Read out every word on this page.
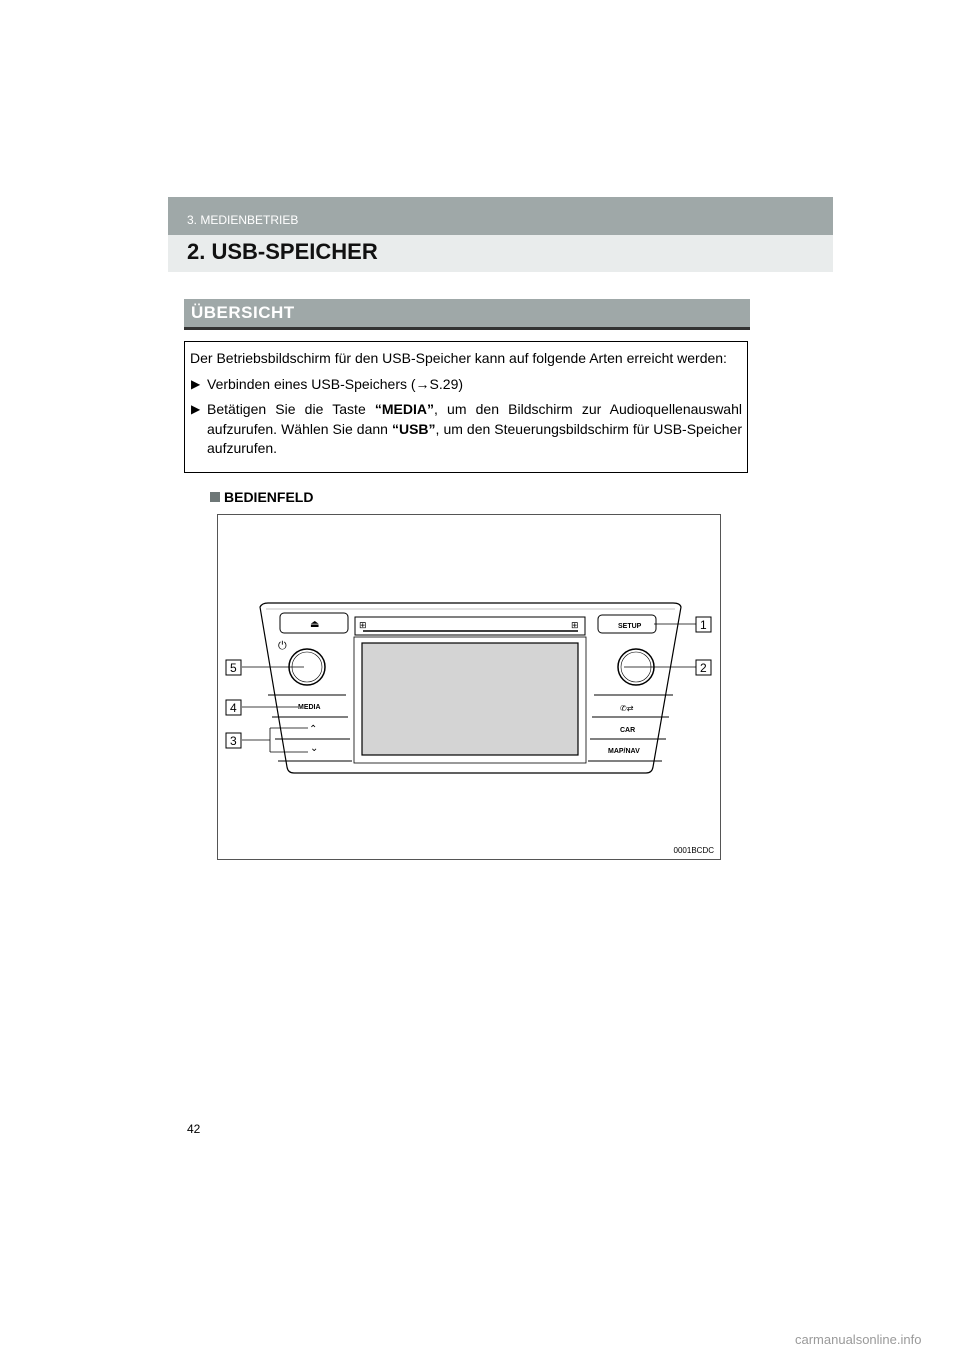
3. MEDIENBETRIEB
2. USB-SPEICHER
ÜBERSICHT

Der Betriebsbildschirm für den USB-Speicher kann auf folgende Arten erreicht werden:

▶ Verbinden eines USB-Speichers (→S.29)
▶ Betätigen Sie die Taste “MEDIA”, um den Bildschirm zur Audioquellenauswahl aufzurufen. Wählen Sie dann “USB”, um den Steuerungsbildschirm für USB-Speicher aufzurufen.
BEDIENFELD
⊞	⊞
⏏	SETUP
⏻
MEDIA
⌃
⌄
✆⇄
CAR
MAP/NAV
1
2
3
4
5
0001BCDC
42
carmanualsonline.info
